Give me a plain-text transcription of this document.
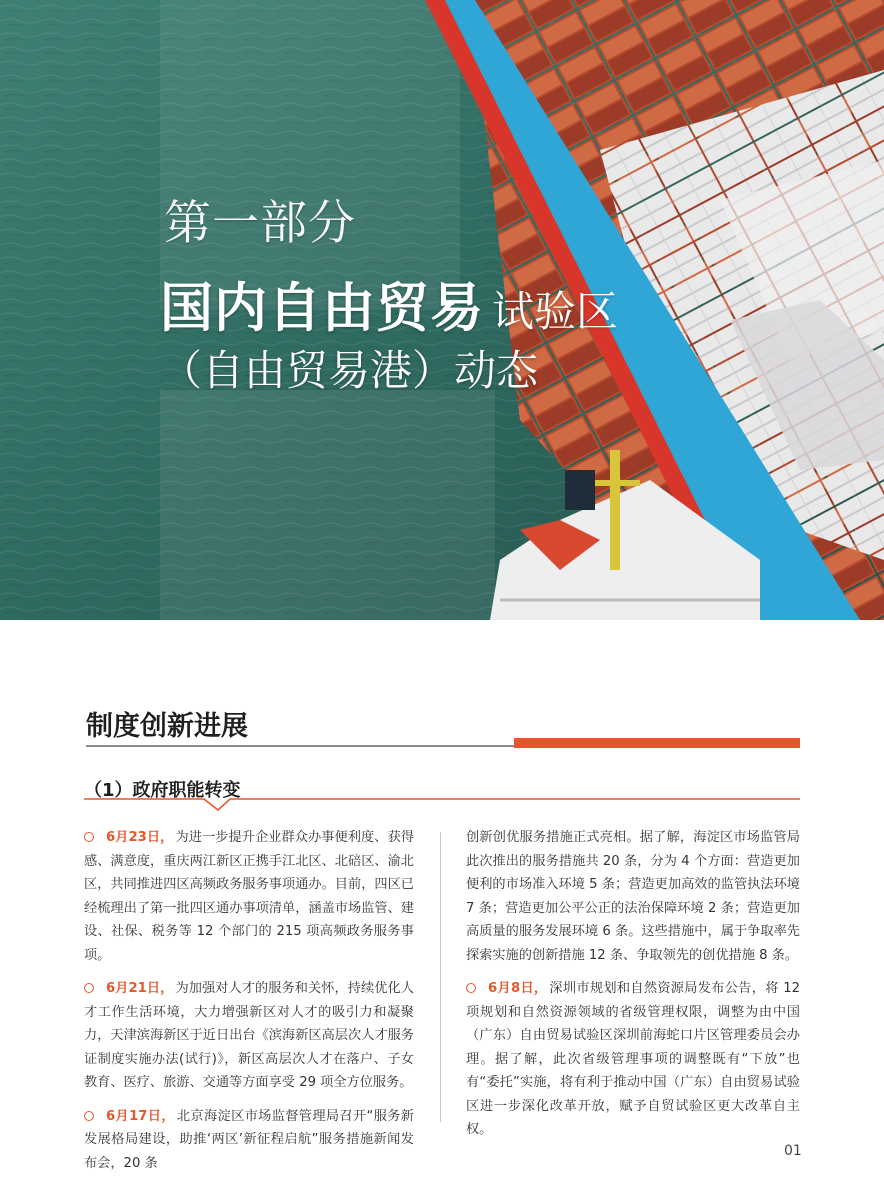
第一部分
国内自由贸易 试验区
（自由贸易港）动态
制度创新进展
（1）政府职能转变
6月23日， 为进一步提升企业群众办事便利度、获得感、满意度，重庆两江新区正携手江北区、北碚区、渝北区，共同推进四区高频政务服务事项通办。目前，四区已经梳理出了第一批四区通办事项清单，涵盖市场监管、建设、社保、税务等 12 个部门的 215 项高频政务服务事项。
6月21日， 为加强对人才的服务和关怀，持续优化人才工作生活环境，大力增强新区对人才的吸引力和凝聚力，天津滨海新区于近日出台《滨海新区高层次人才服务证制度实施办法(试行)》，新区高层次人才在落户、子女教育、医疗、旅游、交通等方面享受 29 项全方位服务。
6月17日， 北京海淀区市场监督管理局召开“服务新发展格局建设，助推‘两区’新征程启航”服务措施新闻发布会，20 条
创新创优服务措施正式亮相。据了解，海淀区市场监管局此次推出的服务措施共 20 条，分为 4 个方面：营造更加便利的市场准入环境 5 条；营造更加高效的监管执法环境 7 条；营造更加公平公正的法治保障环境 2 条；营造更加高质量的服务发展环境 6 条。这些措施中，属于争取率先探索实施的创新措施 12 条、争取领先的创优措施 8 条。
6月8日， 深圳市规划和自然资源局发布公告，将 12 项规划和自然资源领域的省级管理权限，调整为由中国（广东）自由贸易试验区深圳前海蛇口片区管理委员会办理。据了解，此次省级管理事项的调整既有“下放”也有“委托”实施，将有利于推动中国（广东）自由贸易试验区进一步深化改革开放，赋予自贸试验区更大改革自主权。
01
